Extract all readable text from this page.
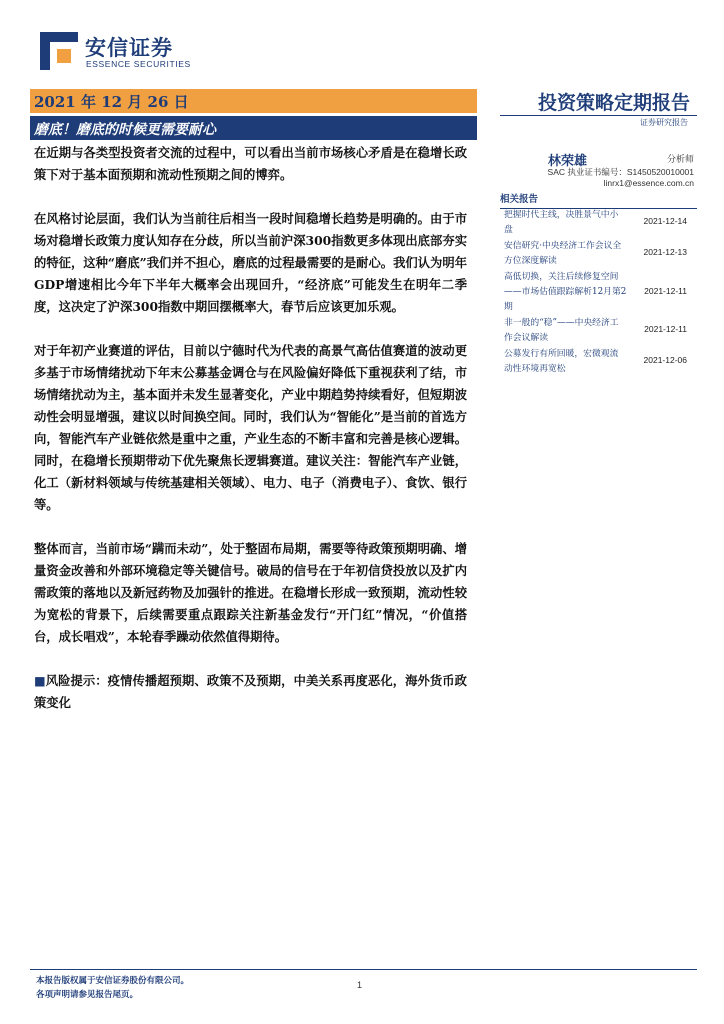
安信证券
ESSENCE SECURITIES
2021 年 12 月 26 日
磨底！磨底的时候更需要耐心
投资策略定期报告
证券研究报告

在近期与各类型投资者交流的过程中，可以看出当前市场核心矛盾是在稳增长政策下对于基本面预期和流动性预期之间的博弈。

在风格讨论层面，我们认为当前往后相当一段时间稳增长趋势是明确的。由于市场对稳增长政策力度认知存在分歧，所以当前沪深300指数更多体现出底部夯实的特征，这种“磨底”我们并不担心，磨底的过程最需要的是耐心。我们认为明年GDP增速相比今年下半年大概率会出现回升，“经济底”可能发生在明年二季度，这决定了沪深300指数中期回摆概率大，春节后应该更加乐观。

对于年初产业赛道的评估，目前以宁德时代为代表的高景气高估值赛道的波动更多基于市场情绪扰动下年末公募基金调仓与在风险偏好降低下重视获利了结，市场情绪扰动为主，基本面并未发生显著变化，产业中期趋势持续看好，但短期波动性会明显增强，建议以时间换空间。同时，我们认为“智能化”是当前的首选方向，智能汽车产业链依然是重中之重，产业生态的不断丰富和完善是核心逻辑。同时，在稳增长预期带动下优先聚焦长逻辑赛道。建议关注：智能汽车产业链，化工（新材料领域与传统基建相关领域）、电力、电子（消费电子）、食饮、银行等。

整体而言，当前市场“蹒而未动”，处于整固布局期，需要等待政策预期明确、增量资金改善和外部环境稳定等关键信号。破局的信号在于年初信贷投放以及扩内需政策的落地以及新冠药物及加强针的推进。在稳增长形成一致预期，流动性较为宽松的背景下，后续需要重点跟踪关注新基金发行“开门红”情况，“价值搭台，成长唱戏”，本轮春季躁动依然值得期待。

■风险提示：疫情传播超预期、政策不及预期，中美关系再度恶化，海外货币政策变化

林荣雄	分析师
SAC 执业证书编号：S1450520010001
linrx1@essence.com.cn
相关报告
把握时代主线，决胜景气中小盘
2021-12-14
安信研究·中央经济工作会议全方位深度解读
2021-12-13
高低切换，关注后续修复空间——市场估值跟踪解析12月第2期
2021-12-11
非一般的“稳”——中央经济工作会议解读
2021-12-11
公募发行有所回暖，宏微观流动性环境再宽松
2021-12-06
本报告版权属于安信证券股份有限公司。
各项声明请参见报告尾页。
1
